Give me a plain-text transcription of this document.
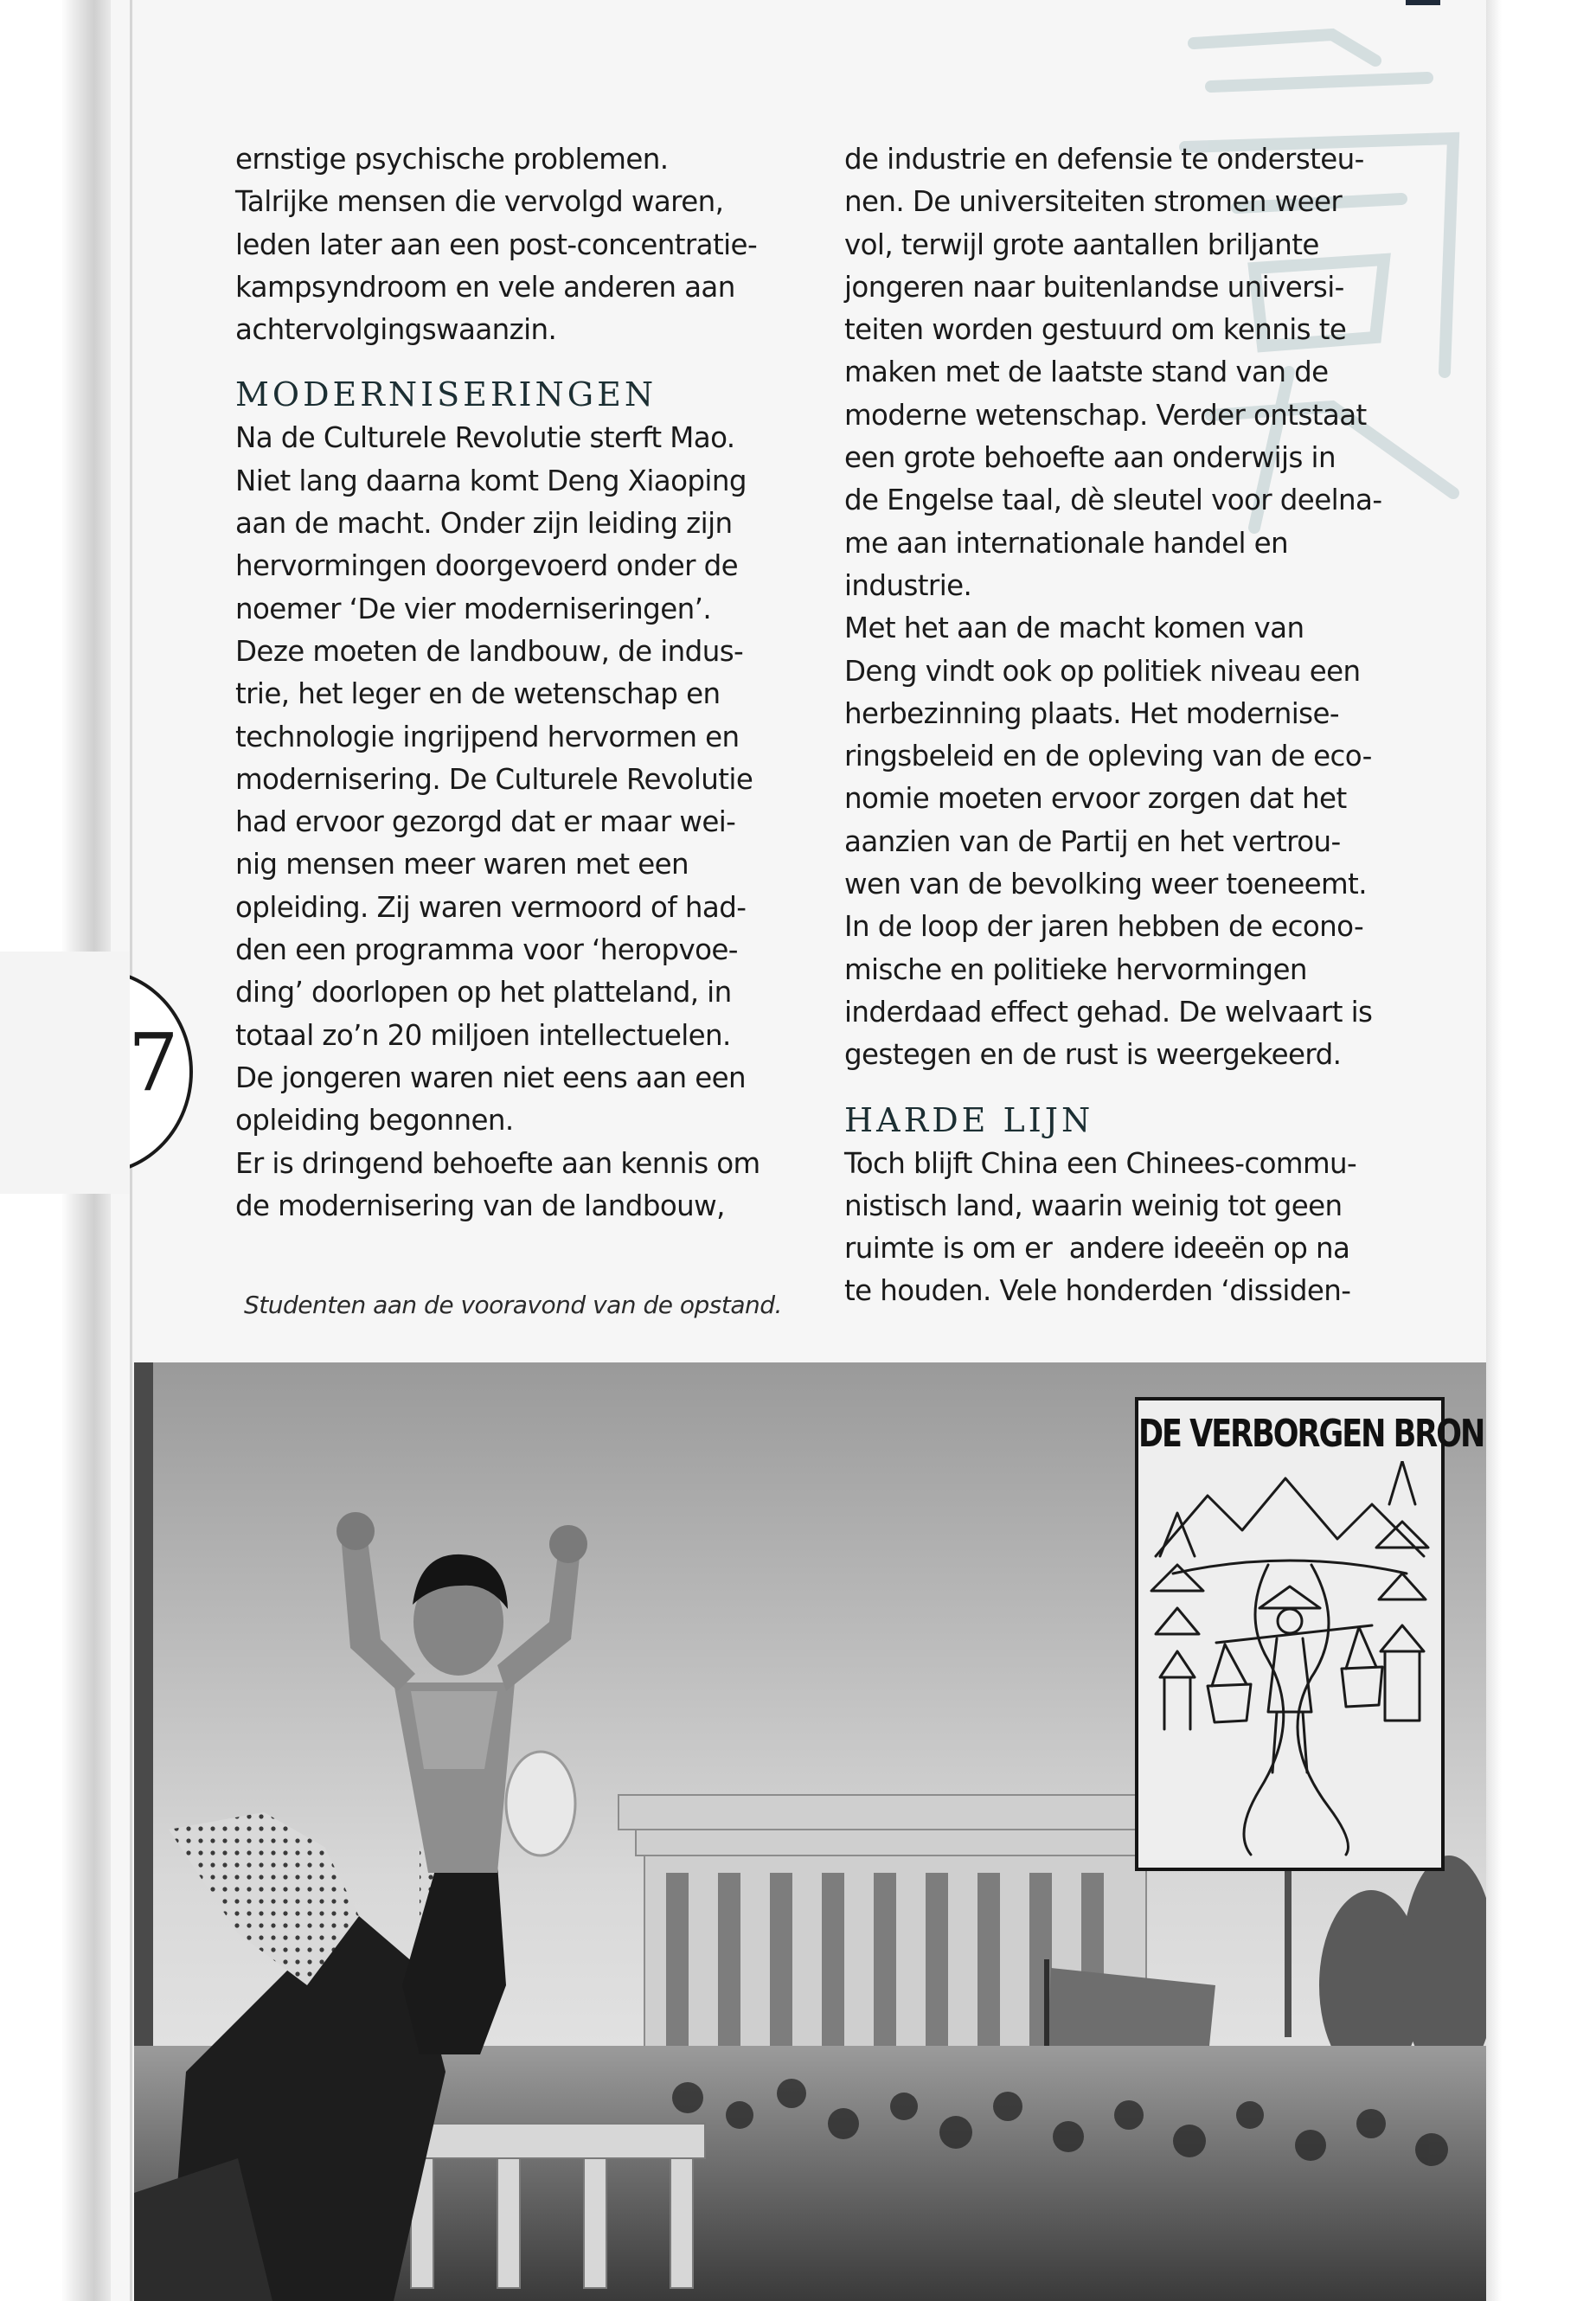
ernstige psychische problemen.

Talrijke mensen die vervolgd waren,

leden later aan een post-concentratie-

kampsyndroom en vele anderen aan

achtervolgingswaanzin.

MODERNISERINGEN

Na de Culturele Revolutie sterft Mao.

Niet lang daarna komt Deng Xiaoping

aan de macht. Onder zijn leiding zijn

hervormingen doorgevoerd onder de

noemer ‘De vier moderniseringen’.

Deze moeten de landbouw, de indus-

trie, het leger en de wetenschap en

technologie ingrijpend hervormen en

modernisering. De Culturele Revolutie

had ervoor gezorgd dat er maar wei-

nig mensen meer waren met een

opleiding. Zij waren vermoord of had-

den een programma voor ‘heropvoe-

ding’ doorlopen op het platteland, in

totaal zo’n 20 miljoen intellectuelen.

De jongeren waren niet eens aan een

opleiding begonnen.

Er is dringend behoefte aan kennis om

de modernisering van de landbouw,

de industrie en defensie te ondersteu-

nen. De universiteiten stromen weer

vol, terwijl grote aantallen briljante

jongeren naar buitenlandse universi-

teiten worden gestuurd om kennis te

maken met de laatste stand van de

moderne wetenschap. Verder ontstaat

een grote behoefte aan onderwijs in

de Engelse taal, dè sleutel voor deelna-

me aan internationale handel en

industrie.

Met het aan de macht komen van

Deng vindt ook op politiek niveau een

herbezinning plaats. Het modernise-

ringsbeleid en de opleving van de eco-

nomie moeten ervoor zorgen dat het

aanzien van de Partij en het vertrou-

wen van de bevolking weer toeneemt.

In de loop der jaren hebben de econo-

mische en politieke hervormingen

inderdaad effect gehad. De welvaart is

gestegen en de rust is weergekeerd.

HARDE LIJN

Toch blijft China een Chinees-commu-

nistisch land, waarin weinig tot geen

ruimte is om er  andere ideeën op na

te houden. Vele honderden ‘dissiden-

Studenten aan de vooravond van de opstand.
7
DE VERBORGEN BRON
